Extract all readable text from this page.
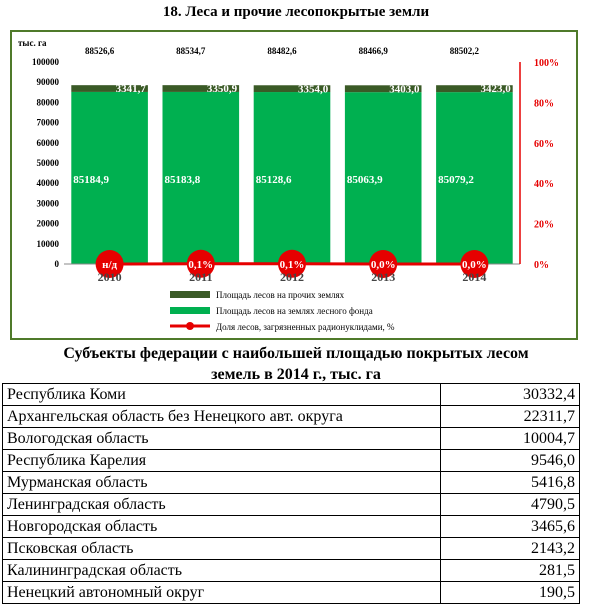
18. Леса и прочие лесопокрытые земли
тыс. га
0
10000
20000
30000
40000
50000
60000
70000
80000
90000
100000
0%
20%
40%
60%
80%
100%
88526,6
3341,7
85184,9
88534,7
3350,9
85183,8
88482,6
3354,0
85128,6
88466,9
3403,0
85063,9
88502,2
3423,0
85079,2
н/д	0,1%	0,1%	0,0%	0,0%
2010	2011	2012	2013	2014
Площадь лесов на прочих землях
Площадь лесов на землях лесного фонда
Доля лесов, загрязненных радионуклидами, %
Субъекты федерации с наибольшей площадью покрытых лесом
земель в 2014 г., тыс. га
Республика Коми	30332,4
Архангельская область без Ненецкого авт. округа	22311,7
Вологодская область	10004,7
Республика Карелия	9546,0
Мурманская область	5416,8
Ленинградская область	4790,5
Новгородская область	3465,6
Псковская область	2143,2
Калининградская область	281,5
Ненецкий автономный округ	190,5
